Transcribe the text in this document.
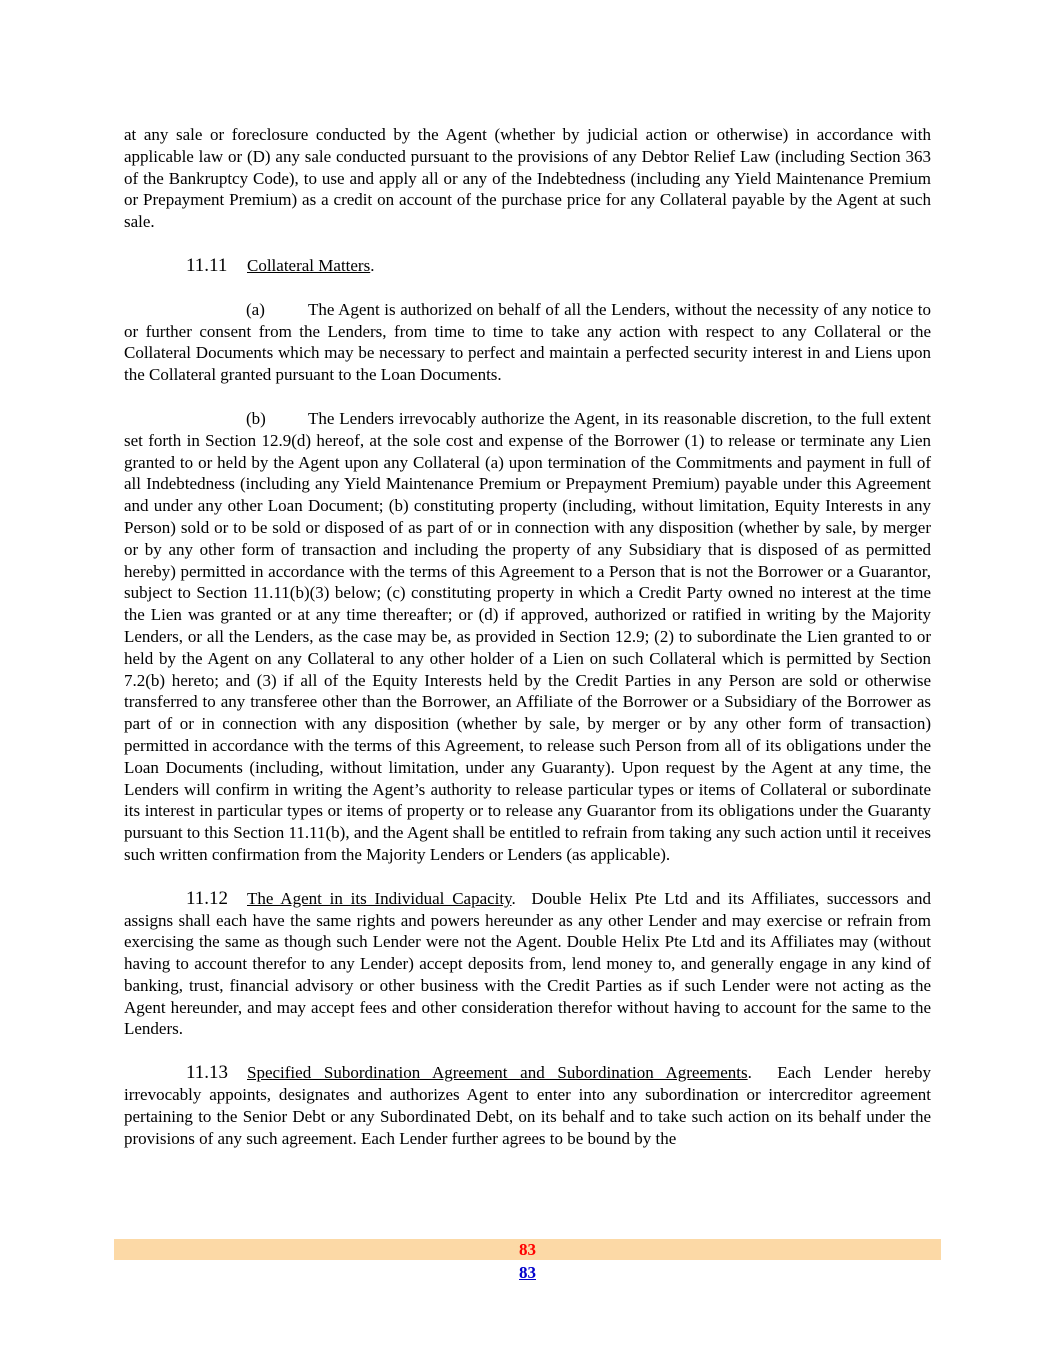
at any sale or foreclosure conducted by the Agent (whether by judicial action or otherwise) in accordance with applicable law or (D) any sale conducted pursuant to the provisions of any Debtor Relief Law (including Section 363 of the Bankruptcy Code), to use and apply all or any of the Indebtedness (including any Yield Maintenance Premium or Prepayment Premium) as a credit on account of the purchase price for any Collateral payable by the Agent at such sale.

11.11 Collateral Matters.

(a)	The Agent is authorized on behalf of all the Lenders, without the necessity of any notice to or further consent from the Lenders, from time to time to take any action with respect to any Collateral or the Collateral Documents which may be necessary to perfect and maintain a perfected security interest in and Liens upon the Collateral granted pursuant to the Loan Documents.

(b) The Lenders irrevocably authorize the Agent, in its reasonable discretion, to the full extent set forth in Section 12.9(d) hereof, at the sole cost and expense of the Borrower (1) to release or terminate any Lien granted to or held by the Agent upon any Collateral (a) upon termination of the Commitments and payment in full of all Indebtedness (including any Yield Maintenance Premium or Prepayment Premium) payable under this Agreement and under any other Loan Document; (b) constituting property (including, without limitation, Equity Interests in any Person) sold or to be sold or disposed of as part of or in connection with any disposition (whether by sale, by merger or by any other form of transaction and including the property of any Subsidiary that is disposed of as permitted hereby) permitted in accordance with the terms of this Agreement to a Person that is not the Borrower or a Guarantor, subject to Section 11.11(b)(3) below; (c) constituting property in which a Credit Party owned no interest at the time the Lien was granted or at any time thereafter; or (d) if approved, authorized or ratified in writing by the Majority Lenders, or all the Lenders, as the case may be, as provided in Section 12.9; (2) to subordinate the Lien granted to or held by the Agent on any Collateral to any other holder of a Lien on such Collateral which is permitted by Section 7.2(b) hereto; and (3) if all of the Equity Interests held by the Credit Parties in any Person are sold or otherwise transferred to any transferee other than the Borrower, an Affiliate of the Borrower or a Subsidiary of the Borrower as part of or in connection with any disposition (whether by sale, by merger or by any other form of transaction) permitted in accordance with the terms of this Agreement, to release such Person from all of its obligations under the Loan Documents (including, without limitation, under any Guaranty). Upon request by the Agent at any time, the Lenders will confirm in writing the Agent’s authority to release particular types or items of Collateral or subordinate its interest in particular types or items of property or to release any Guarantor from its obligations under the Guaranty pursuant to this Section 11.11(b), and the Agent shall be entitled to refrain from taking any such action until it receives such written confirmation from the Majority Lenders or Lenders (as applicable).

11.12 The Agent in its Individual Capacity. Double Helix Pte Ltd and its Affiliates, successors and assigns shall each have the same rights and powers hereunder as any other Lender and may exercise or refrain from exercising the same as though such Lender were not the Agent. Double Helix Pte Ltd and its Affiliates may (without having to account therefor to any Lender) accept deposits from, lend money to, and generally engage in any kind of banking, trust, financial advisory or other business with the Credit Parties as if such Lender were not acting as the Agent hereunder, and may accept fees and other consideration therefor without having to account for the same to the Lenders.

11.13 Specified Subordination Agreement and Subordination Agreements. Each Lender hereby irrevocably appoints, designates and authorizes Agent to enter into any subordination or intercreditor agreement pertaining to the Senior Debt or any Subordinated Debt, on its behalf and to take such action on its behalf under the provisions of any such agreement. Each Lender further agrees to be bound by the

83
83
